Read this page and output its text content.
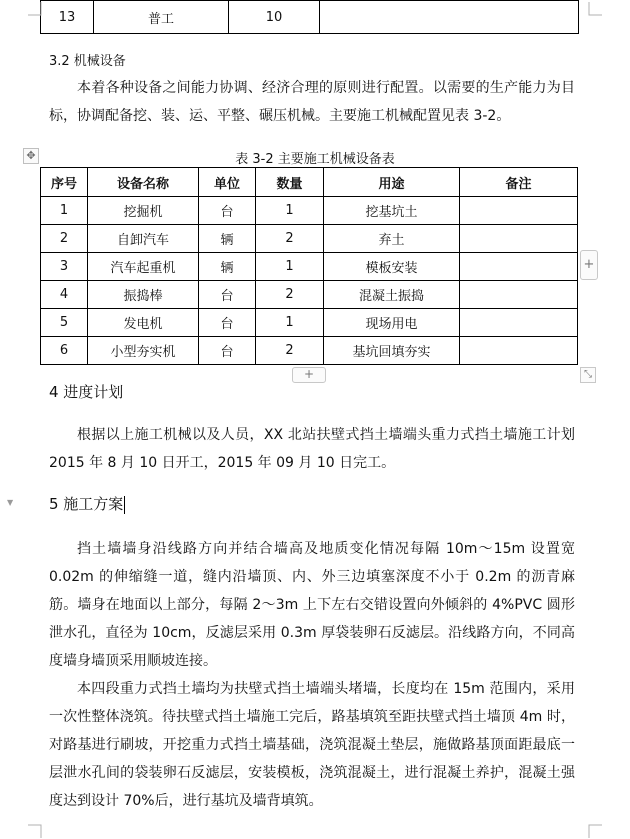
13	普工	10	
3.2 机械设备

本着各种设备之间能力协调、经济合理的原则进行配置。以需要的生产能力为目标，协调配备挖、装、运、平整、碾压机械。主要施工机械配置见表 3-2。

✥	表 3-2 主要施工机械设备表
序号	设备名称	单位	数量	用途	备注
1	挖掘机	台	1	挖基坑土	
2	自卸汽车	辆	2	弃土	
3	汽车起重机	辆	1	模板安装	
4	振捣棒	台	2	混凝土振捣	
5	发电机	台	1	现场用电	
6	小型夯实机	台	2	基坑回填夯实	
+
+	⤡
4 进度计划

根据以上施工机械以及人员，XX 北站扶壁式挡土墙端头重力式挡土墙施工计划 2015 年 8 月 10 日开工，2015 年 09 月 10 日完工。

▼ 5 施工方案

挡土墙墙身沿线路方向并结合墙高及地质变化情况每隔 10m～15m 设置宽 0.02m 的伸缩缝一道，缝内沿墙顶、内、外三边填塞深度不小于 0.2m 的沥青麻筋。墙身在地面以上部分，每隔 2～3m 上下左右交错设置向外倾斜的 4%PVC 圆形泄水孔，直径为 10cm，反滤层采用 0.3m 厚袋装卵石反滤层。沿线路方向，不同高度墙身墙顶采用顺坡连接。

本四段重力式挡土墙均为扶壁式挡土墙端头堵墙，长度均在 15m 范围内，采用一次性整体浇筑。待扶壁式挡土墙施工完后，路基填筑至距扶壁式挡土墙顶 4m 时，对路基进行刷坡，开挖重力式挡土墙基础，浇筑混凝土垫层，施做路基顶面距最底一层泄水孔间的袋装卵石反滤层，安装模板，浇筑混凝土，进行混凝土养护，混凝土强度达到设计 70%后，进行基坑及墙背填筑。
